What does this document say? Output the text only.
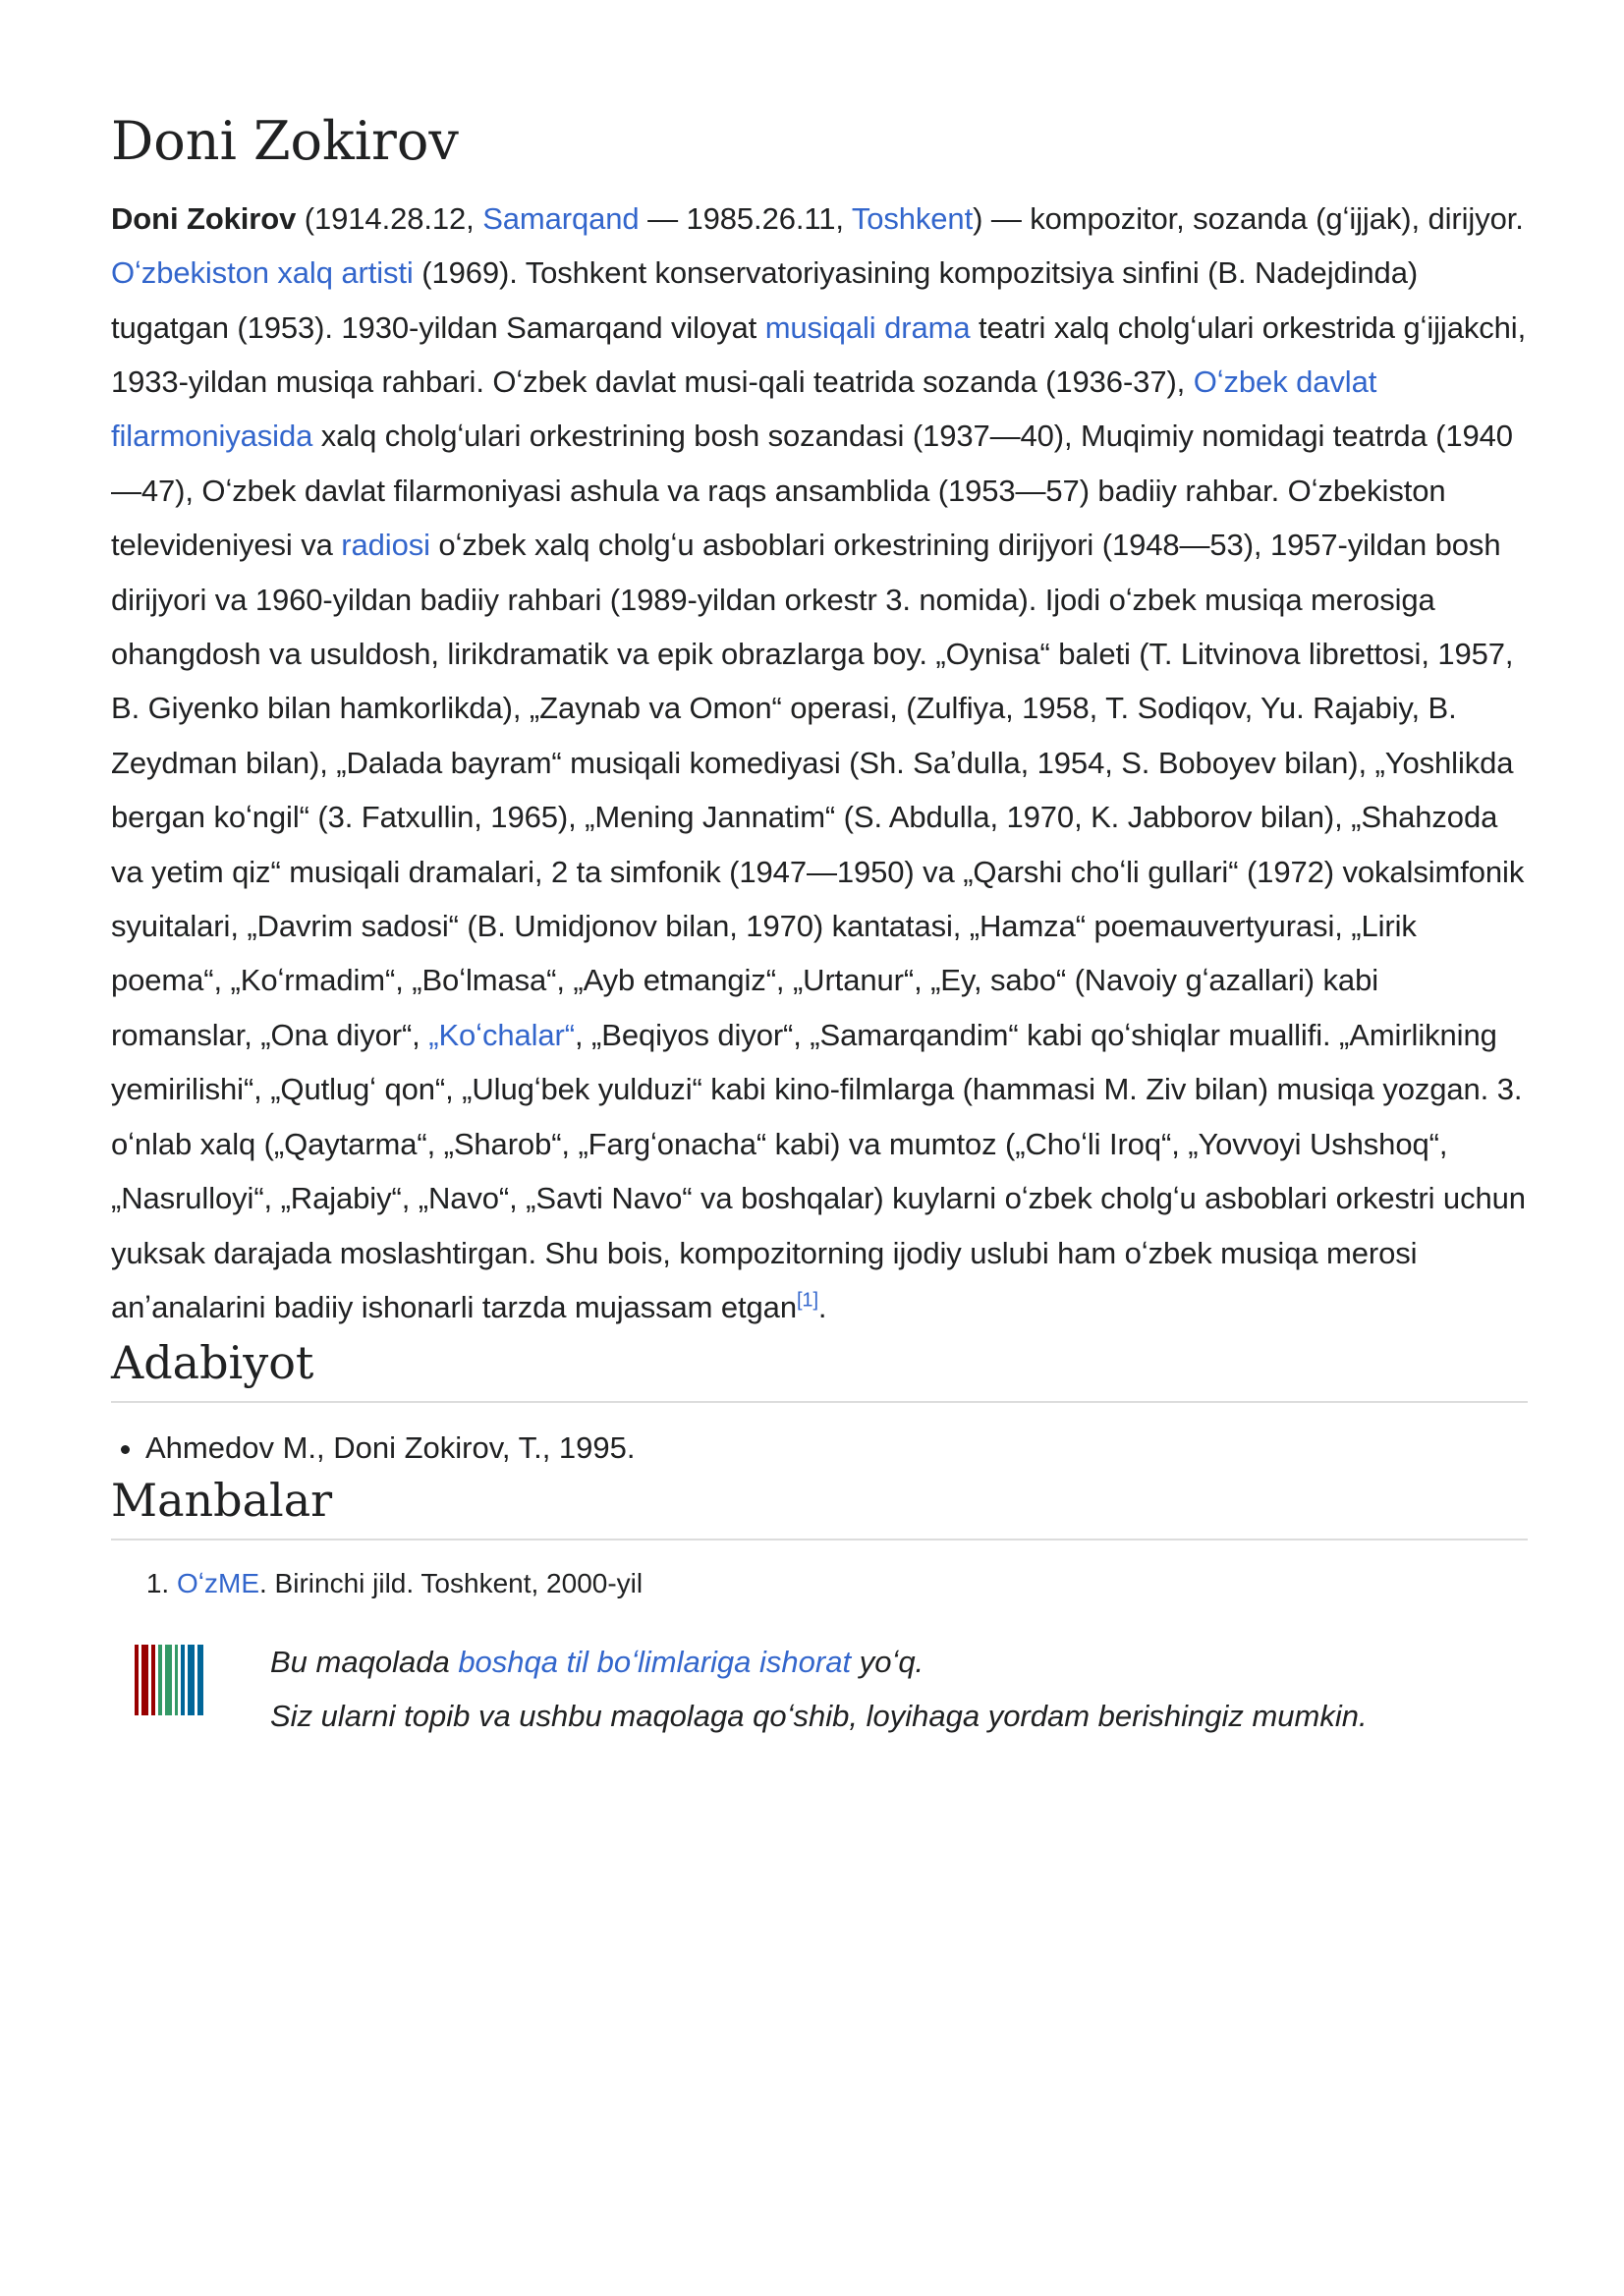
Doni Zokirov

Doni Zokirov (1914.28.12, Samarqand — 1985.26.11, Toshkent) — kompozitor, sozanda (gʻijjak), dirijyor. Oʻzbekiston xalq artisti (1969). Toshkent konservatoriyasining kompozitsiya sinfini (B. Nadejdinda) tugatgan (1953). 1930-yildan Samarqand viloyat musiqali drama teatri xalq cholgʻulari orkestrida gʻijjakchi, 1933-yildan musiqa rahbari. Oʻzbek davlat musi-qali teatrida sozanda (1936-37), Oʻzbek davlat filarmoniyasida xalq cholgʻulari orkestrining bosh sozandasi (1937—40), Muqimiy nomidagi teatrda (1940—47), Oʻzbek davlat filarmoniyasi ashula va raqs ansamblida (1953—57) badiiy rahbar. Oʻzbekiston televideniyesi va radiosi oʻzbek xalq cholgʻu asboblari orkestrining dirijyori (1948—53), 1957-yildan bosh dirijyori va 1960-yildan badiiy rahbari (1989-yildan orkestr 3. nomida). Ijodi oʻzbek musiqa merosiga ohangdosh va usuldosh, lirikdramatik va epik obrazlarga boy. „Oynisa“ baleti (T. Litvinova librettosi, 1957, B. Giyenko bilan hamkorlikda), „Zaynab va Omon“ operasi, (Zulfiya, 1958, T. Sodiqov, Yu. Rajabiy, B. Zeydman bilan), „Dalada bayram“ musiqali komediyasi (Sh. Saʼdulla, 1954, S. Boboyev bilan), „Yoshlikda bergan koʻngil“ (3. Fatxullin, 1965), „Mening Jannatim“ (S. Abdulla, 1970, K. Jabborov bilan), „Shahzoda va yetim qiz“ musiqali dramalari, 2 ta simfonik (1947—1950) va „Qarshi choʻli gullari“ (1972) vokalsimfonik syuitalari, „Davrim sadosi“ (B. Umidjonov bilan, 1970) kantatasi, „Hamza“ poemauvertyurasi, „Lirik poema“, „Koʻrmadim“, „Boʻlmasa“, „Ayb etmangiz“, „Urtanur“, „Ey, sabo“ (Navoiy gʻazallari) kabi romanslar, „Ona diyor“, „Koʻchalar“, „Beqiyos diyor“, „Samarqandim“ kabi qoʻshiqlar muallifi. „Amirlikning yemirilishi“, „Qutlugʻ qon“, „Ulugʻbek yulduzi“ kabi kino-filmlarga (hammasi M. Ziv bilan) musiqa yozgan. 3. oʻnlab xalq („Qaytarma“, „Sharob“, „Fargʻonacha“ kabi) va mumtoz („Choʻli Iroq“, „Yovvoyi Ushshoq“, „Nasrulloyi“, „Rajabiy“, „Navo“, „Savti Navo“ va boshqalar) kuylarni oʻzbek cholgʻu asboblari orkestri uchun yuksak darajada moslashtirgan. Shu bois, kompozitorning ijodiy uslubi ham oʻzbek musiqa merosi anʼanalarini badiiy ishonarli tarzda mujassam etgan[1].

Adabiyot
• Ahmedov M., Doni Zokirov, T., 1995.
Manbalar
1. OʻzME. Birinchi jild. Toshkent, 2000-yil
Bu maqolada boshqa til boʻlimlariga ishorat yoʻq.
Siz ularni topib va ushbu maqolaga qoʻshib, loyihaga yordam berishingiz mumkin.
